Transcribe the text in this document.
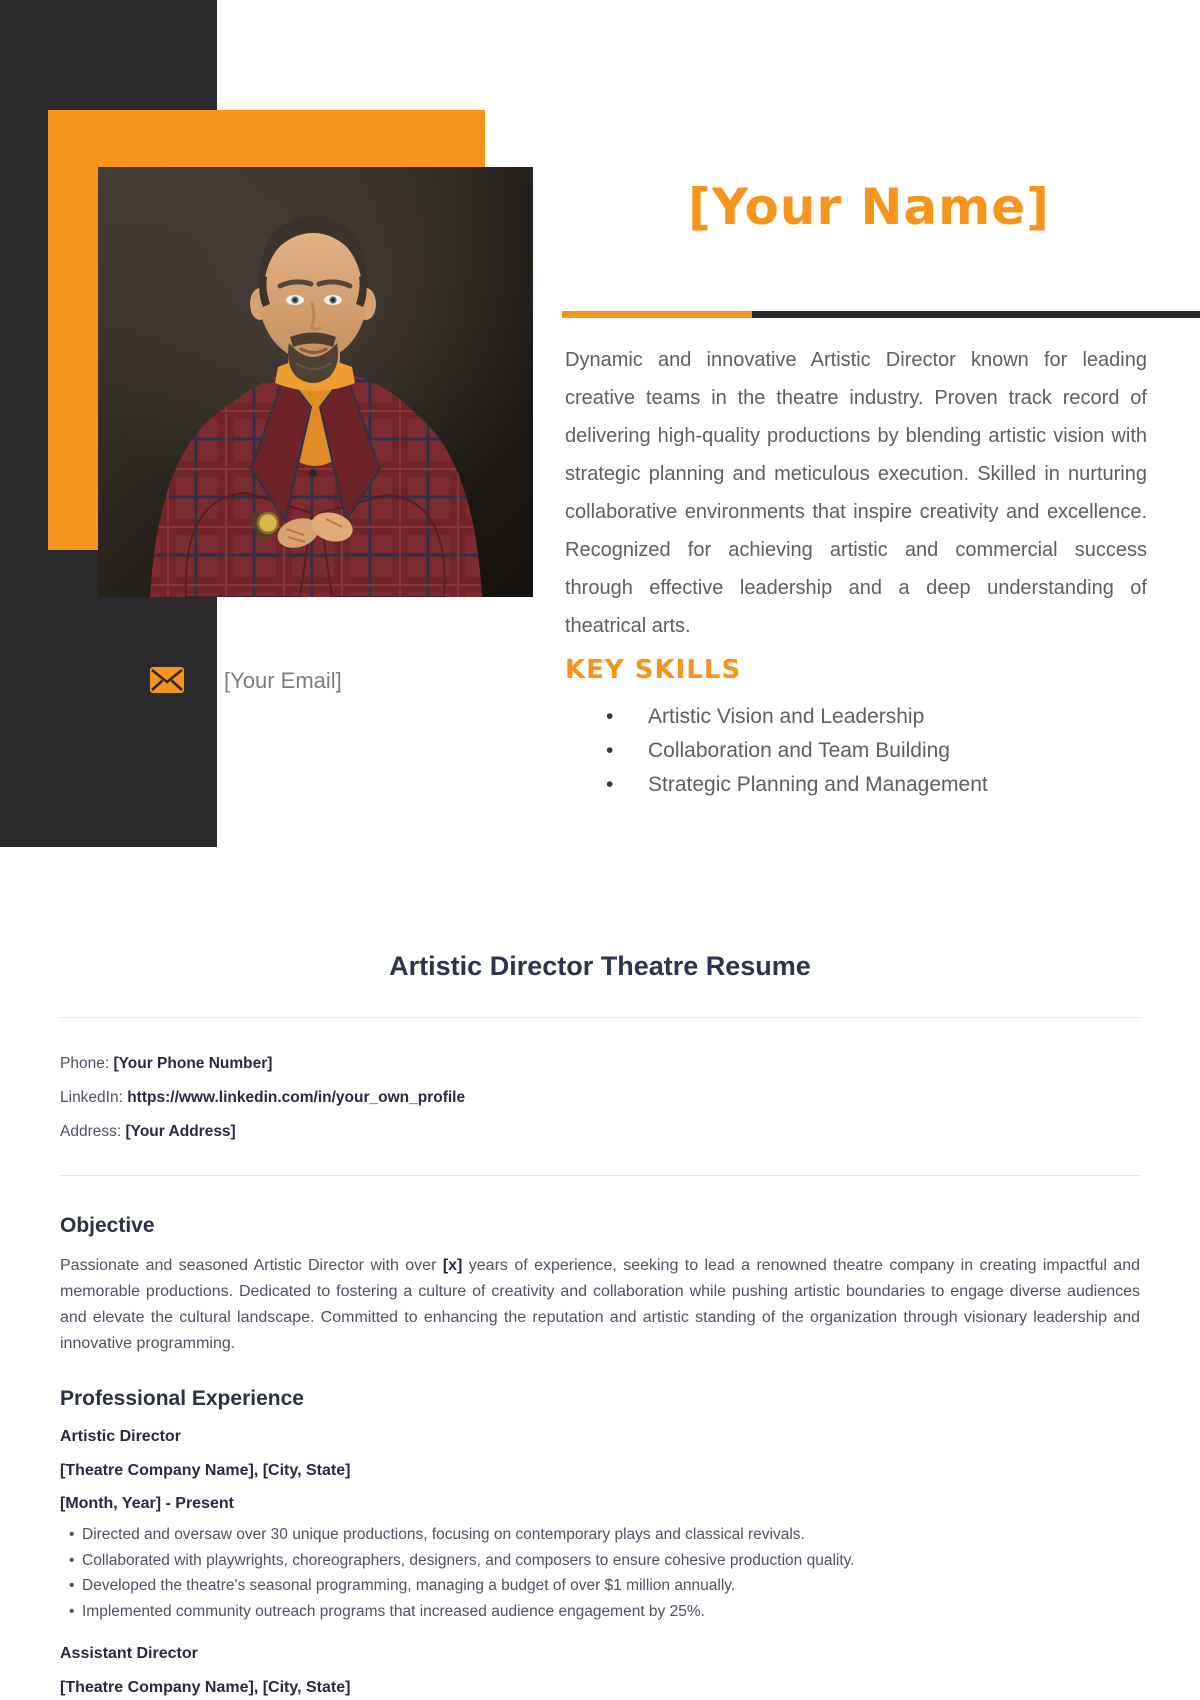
[Your Email]
[Your Name]

Dynamic and innovative Artistic Director known for leading creative teams in the theatre industry. Proven track record of delivering high-quality productions by blending artistic vision with strategic planning and meticulous execution. Skilled in nurturing collaborative environments that inspire creativity and excellence. Recognized for achieving artistic and commercial success through effective leadership and a deep understanding of theatrical arts.

KEY SKILLS
• Artistic Vision and Leadership
• Collaboration and Team Building
• Strategic Planning and Management
Artistic Director Theatre Resume
Phone: [Your Phone Number]
LinkedIn: https://www.linkedin.com/in/your_own_profile
Address: [Your Address]
Objective

Passionate and seasoned Artistic Director with over [x] years of experience, seeking to lead a renowned theatre company in creating impactful and memorable productions. Dedicated to fostering a culture of creativity and collaboration while pushing artistic boundaries to engage diverse audiences and elevate the cultural landscape. Committed to enhancing the reputation and artistic standing of the organization through visionary leadership and innovative programming.

Professional Experience
Artistic Director
[Theatre Company Name], [City, State]
[Month, Year] - Present
• Directed and oversaw over 30 unique productions, focusing on contemporary plays and classical revivals.
• Collaborated with playwrights, choreographers, designers, and composers to ensure cohesive production quality.
• Developed the theatre's seasonal programming, managing a budget of over $1 million annually.
• Implemented community outreach programs that increased audience engagement by 25%.
Assistant Director
[Theatre Company Name], [City, State]
